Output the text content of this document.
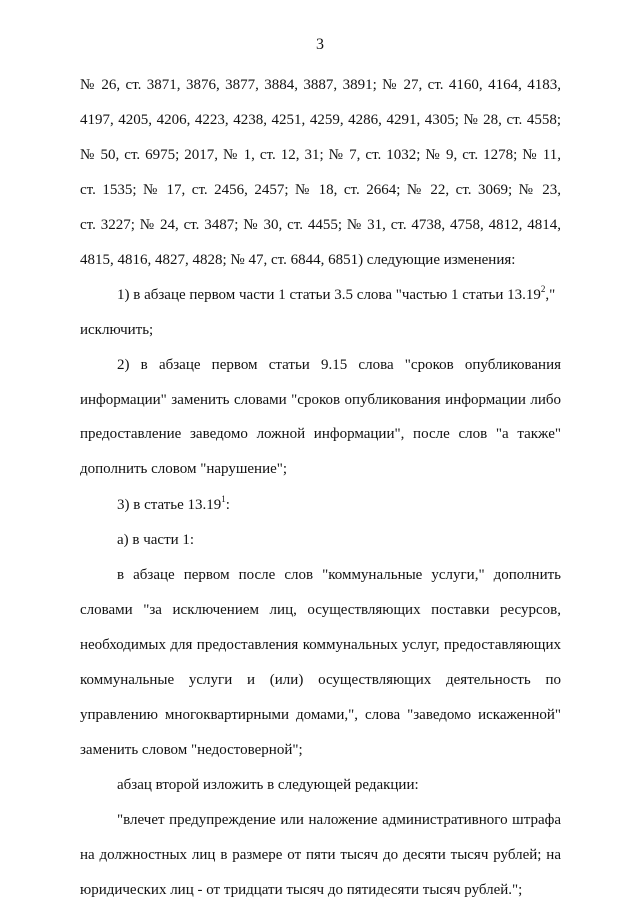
3
№ 26, ст. 3871, 3876, 3877, 3884, 3887, 3891; № 27, ст. 4160, 4164, 4183,
4197, 4205, 4206, 4223, 4238, 4251, 4259, 4286, 4291, 4305; № 28, ст. 4558;
№ 50, ст. 6975; 2017, № 1, ст. 12, 31; № 7, ст. 1032; № 9, ст. 1278; № 11,
ст. 1535; № 17, ст. 2456, 2457; № 18, ст. 2664; № 22, ст. 3069; № 23,
ст. 3227; № 24, ст. 3487; № 30, ст. 4455; № 31, ст. 4738, 4758, 4812, 4814,
4815, 4816, 4827, 4828; № 47, ст. 6844, 6851) следующие изменения:
1) в абзаце первом части 1 статьи 3.5 слова "частью 1 статьи 13.19$^2$,"
исключить;
2) в абзаце первом статьи 9.15 слова "сроков опубликования
информации" заменить словами "сроков опубликования информации либо
предоставление заведомо ложной информации", после слов "а также"
дополнить словом "нарушение";
3) в статье 13.19$^1$:
а) в части 1:
в абзаце первом после слов "коммунальные услуги," дополнить
словами "за исключением лиц, осуществляющих поставки ресурсов,
необходимых для предоставления коммунальных услуг, предоставляющих
коммунальные услуги и (или) осуществляющих деятельность по
управлению многоквартирными домами,", слова "заведомо искаженной"
заменить словом "недостоверной";
абзац второй изложить в следующей редакции:
"влечет предупреждение или наложение административного штрафа
на должностных лиц в размере от пяти тысяч до десяти тысяч рублей; на
юридических лиц - от тридцати тысяч до пятидесяти тысяч рублей.";
